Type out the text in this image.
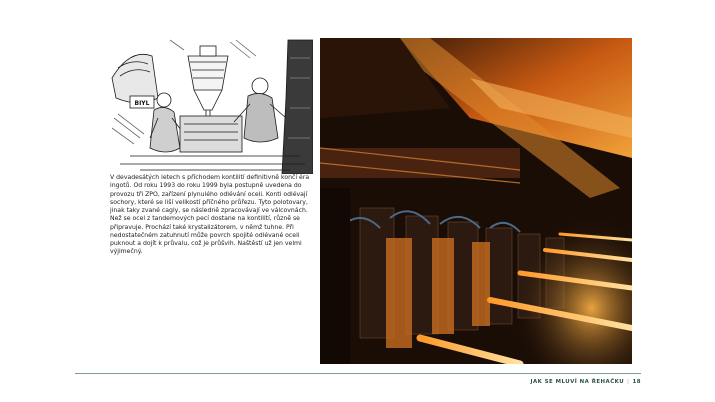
BIYL
V devadesátých letech s příchodem kontilití definitivně končí éra ingotů. Od roku 1993 do roku 1999 byla postupně uvedena do provozu tři ZPO, zařízení plynulého odlévání oceli. Konti odlévají sochory, které se liší velikostí příčného průřezu. Tyto polotovary, jinak taky zvané cagly, se následně zpracovávají ve válcovnách. Než se ocel z tandemových pecí dostane na kontilití, různě se připravuje. Prochází také krystalizátorem, v němž tuhne. Při nedostatečném zatuhnutí může povrch spojité odlévané oceli puknout a dojít k průvalu, což je průšvih. Naštěstí už jen velmi výjimečný.
JAK SE MLUVÍ NA ŘEHAČKU | 18
